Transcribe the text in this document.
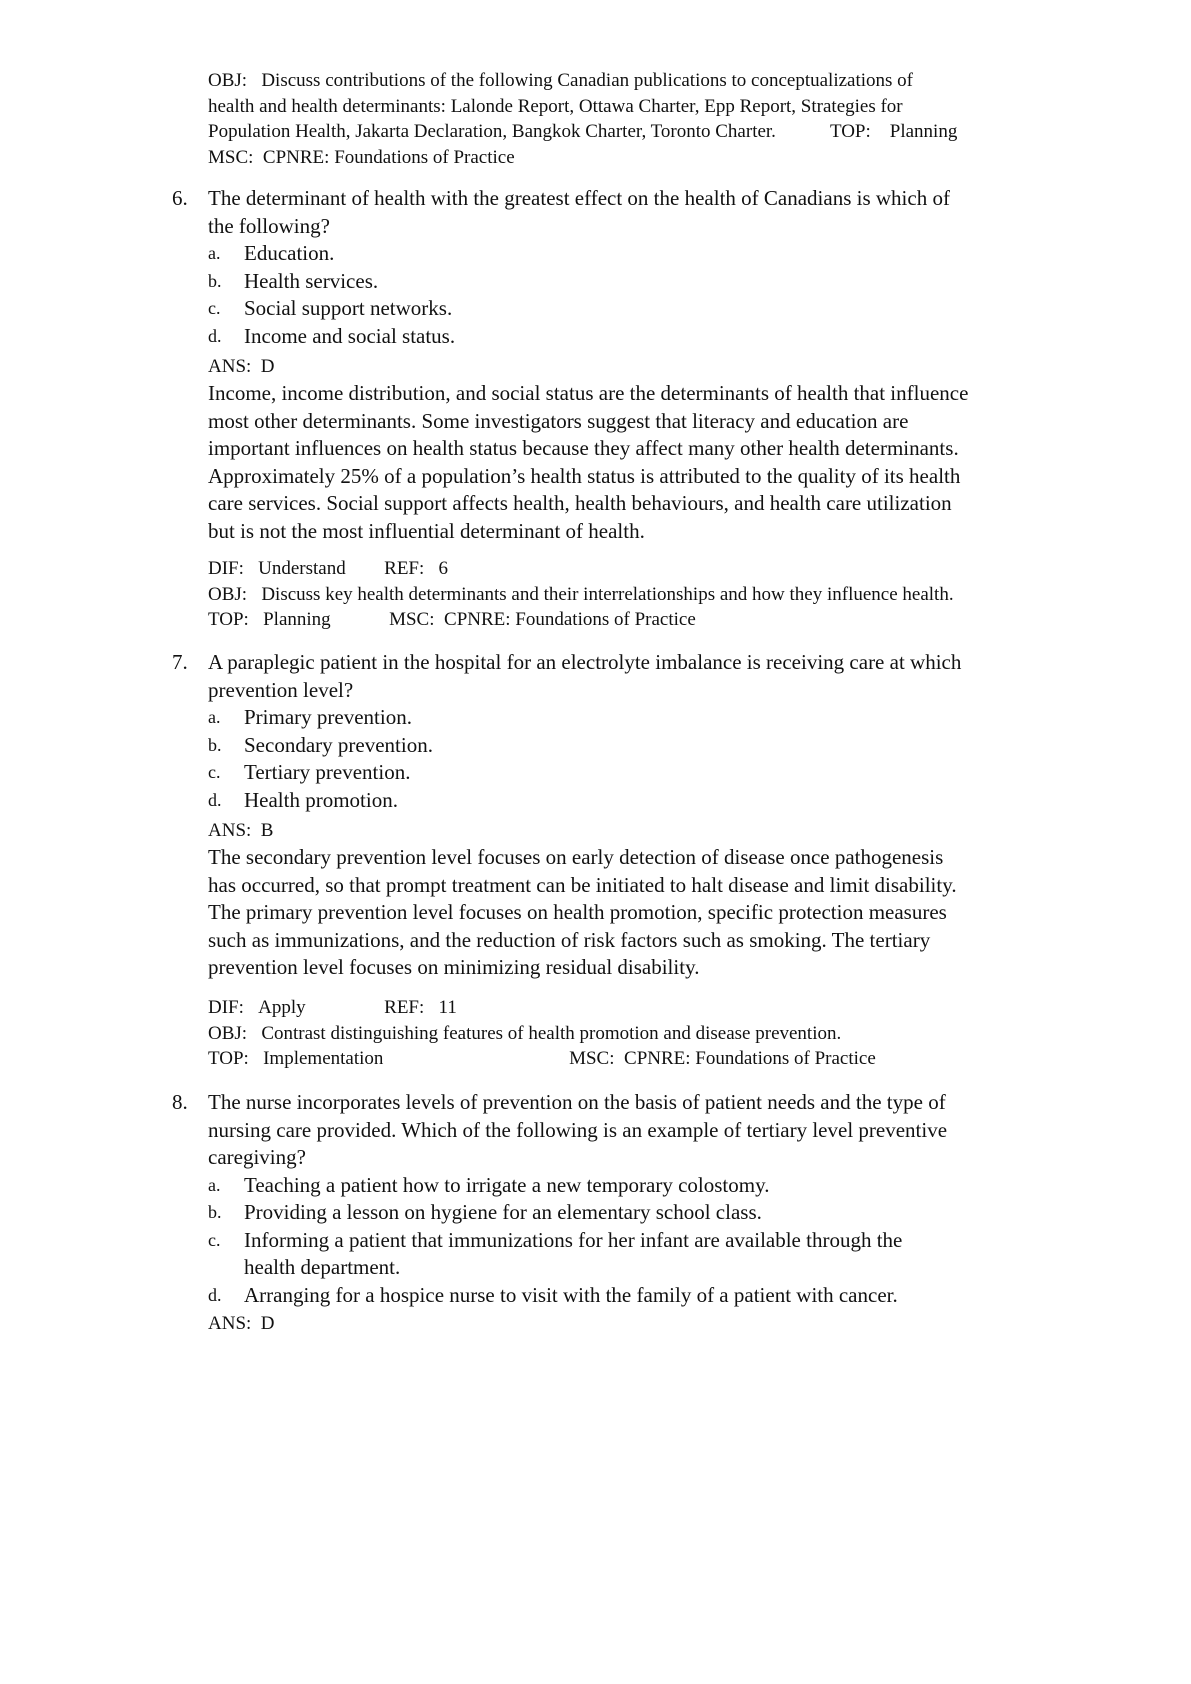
OBJ: Discuss contributions of the following Canadian publications to conceptualizations of
health and health determinants: Lalonde Report, Ottawa Charter, Epp Report, Strategies for
Population Health, Jakarta Declaration, Bangkok Charter, Toronto Charter.	TOP: Planning
MSC: CPNRE: Foundations of Practice
6. The determinant of health with the greatest effect on the health of Canadians is which of
the following?
a. Education.
b. Health services.
c. Social support networks.
d. Income and social status.
ANS: D
Income, income distribution, and social status are the determinants of health that influence
most other determinants. Some investigators suggest that literacy and education are
important influences on health status because they affect many other health determinants.
Approximately 25% of a population’s health status is attributed to the quality of its health
care services. Social support affects health, health behaviours, and health care utilization
but is not the most influential determinant of health.
DIF: Understand REF: 6
OBJ: Discuss key health determinants and their interrelationships and how they influence health.
TOP: Planning	MSC: CPNRE: Foundations of Practice
7. A paraplegic patient in the hospital for an electrolyte imbalance is receiving care at which
prevention level?
a. Primary prevention.
b. Secondary prevention.
c. Tertiary prevention.
d. Health promotion.
ANS: B
The secondary prevention level focuses on early detection of disease once pathogenesis
has occurred, so that prompt treatment can be initiated to halt disease and limit disability.
The primary prevention level focuses on health promotion, specific protection measures
such as immunizations, and the reduction of risk factors such as smoking. The tertiary
prevention level focuses on minimizing residual disability.
DIF: Apply	REF: 11
OBJ: Contrast distinguishing features of health promotion and disease prevention.
TOP: Implementation	MSC: CPNRE: Foundations of Practice
8. The nurse incorporates levels of prevention on the basis of patient needs and the type of
nursing care provided. Which of the following is an example of tertiary level preventive
caregiving?
a. Teaching a patient how to irrigate a new temporary colostomy.
b. Providing a lesson on hygiene for an elementary school class.
c. Informing a patient that immunizations for her infant are available through the
health department.
d. Arranging for a hospice nurse to visit with the family of a patient with cancer.
ANS: D
